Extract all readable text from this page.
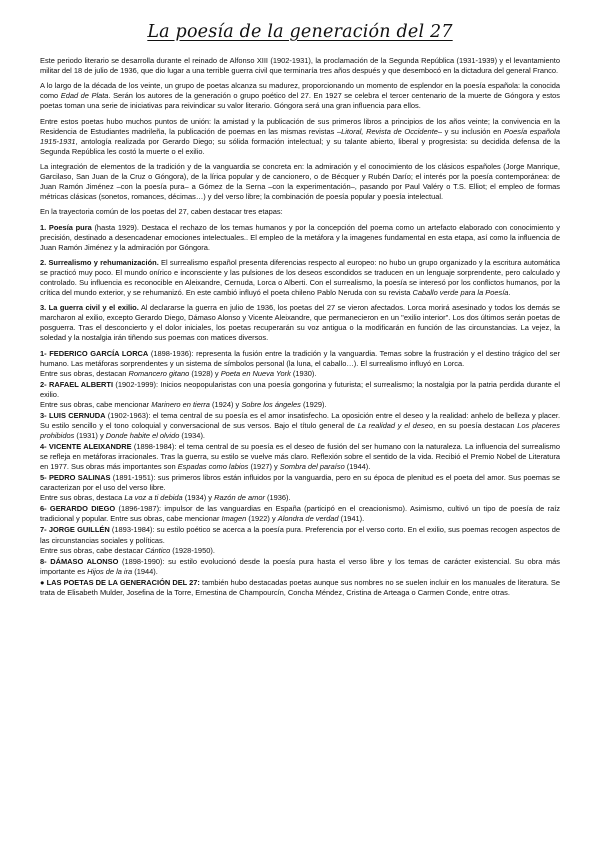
La poesía de la generación del 27

Este periodo literario se desarrolla durante el reinado de Alfonso XIII (1902-1931), la proclamación de la Segunda República (1931-1939) y el levantamiento militar del 18 de julio de 1936, que dio lugar a una terrible guerra civil que terminaría tres años después y que desembocó en la dictadura del general Franco.

A lo largo de la década de los veinte, un grupo de poetas alcanza su madurez, proporcionando un momento de esplendor en la poesía española: la conocida como Edad de Plata. Serán los autores de la generación o grupo poético del 27. En 1927 se celebra el tercer centenario de la muerte de Góngora y estos poetas toman una serie de iniciativas para reivindicar su valor literario. Góngora será una gran influencia para ellos.

Entre estos poetas hubo muchos puntos de unión: la amistad y la publicación de sus primeros libros a principios de los años veinte; la convivencia en la Residencia de Estudiantes madrileña, la publicación de poemas en las mismas revistas –Litoral, Revista de Occidente– y su inclusión en Poesía española 1915-1931, antología realizada por Gerardo Diego; su sólida formación intelectual; y su talante abierto, liberal y progresista: su decidida defensa de la Segunda República les costó la muerte o el exilio.

La integración de elementos de la tradición y de la vanguardia se concreta en: la admiración y el conocimiento de los clásicos españoles (Jorge Manrique, Garcilaso, San Juan de la Cruz o Góngora), de la lírica popular y de cancionero, o de Bécquer y Rubén Darío; el interés por la poesía contemporánea: de Juan Ramón Jiménez –con la poesía pura– a Gómez de la Serna –con la experimentación–, pasando por Paul Valéry o T.S. Elliot; el empleo de formas métricas clásicas (sonetos, romances, décimas…) y del verso libre; la combinación de poesía popular y poesía intelectual.

En la trayectoria común de los poetas del 27, caben destacar tres etapas:

1. Poesía pura (hasta 1929). Destaca el rechazo de los temas humanos y por la concepción del poema como un artefacto elaborado con conocimiento y precisión, destinado a desencadenar emociones intelectuales.. El empleo de la metáfora y la imagenes fundamental en esta etapa, así como la influencia de Juan Ramón Jiménez y la admiración por Góngora.

2. Surrealismo y rehumanización. El surrealismo español presenta diferencias respecto al europeo: no hubo un grupo organizado y la escritura automática se practicó muy poco. El mundo onírico e inconsciente y las pulsiones de los deseos escondidos se traducen en un lenguaje sorprendente, pero calculado y controlado. Su influencia es reconocible en Aleixandre, Cernuda, Lorca o Alberti. Con el surrealismo, la poesía se interesó por los conflictos humanos, por la crítica del mundo exterior, y se rehumanizó. En este cambió influyó el poeta chileno Pablo Neruda con su revista Caballo verde para la Poesía.

3. La guerra civil y el exilio. Al declararse la guerra en julio de 1936, los poetas del 27 se vieron afectados. Lorca morirá asesinado y todos los demás se marcharon al exilio, excepto Gerardo Diego, Dámaso Alonso y Vicente Aleixandre, que permanecieron en un "exilio interior". Los dos últimos serán poetas de posguerra. Tras el desconcierto y el dolor iniciales, los poetas recuperarán su voz antigua o la modificarán en función de las circunstancias. La vejez, la soledad y la nostalgia irán tiñendo sus poemas con matices diversos.

1- FEDERICO GARCÍA LORCA (1898-1936): representa la fusión entre la tradición y la vanguardia. Temas sobre la frustración y el destino trágico del ser humano. Las metáforas sorprendentes y un sistema de símbolos personal (la luna, el caballo…). El surrealismo influyó en Lorca.

Entre sus obras, destacan Romancero gitano (1928) y Poeta en Nueva York (1930).

2- RAFAEL ALBERTI (1902-1999): Inicios neopopularistas con una poesía gongorina y futurista; el surrealismo; la nostalgia por la patria perdida durante el exilio.

Entre sus obras, cabe mencionar Marinero en tierra (1924) y Sobre los ángeles (1929).

3- LUIS CERNUDA (1902-1963): el tema central de su poesía es el amor insatisfecho. La oposición entre el deseo y la realidad: anhelo de belleza y placer. Su estilo sencillo y el tono coloquial y conversacional de sus versos. Bajo el título general de La realidad y el deseo, en su poesía destacan Los placeres prohibidos (1931) y Donde habite el olvido (1934).

4- VICENTE ALEIXANDRE (1898-1984): el tema central de su poesía es el deseo de fusión del ser humano con la naturaleza. La influencia del surrealismo se refleja en metáforas irracionales. Tras la guerra, su estilo se vuelve más claro. Reflexión sobre el sentido de la vida. Recibió el Premio Nobel de Literatura en 1977. Sus obras más importantes son Espadas como labios (1927) y Sombra del paraíso (1944).

5- PEDRO SALINAS (1891-1951): sus primeros libros están influidos por la vanguardia, pero en su época de plenitud es el poeta del amor. Sus poemas se caracterizan por el uso del verso libre.

Entre sus obras, destaca La voz a ti debida (1934) y Razón de amor (1936).

6- GERARDO DIEGO (1896-1987): impulsor de las vanguardias en España (participó en el creacionismo). Asimismo, cultivó un tipo de poesía de raíz tradicional y popular. Entre sus obras, cabe mencionar Imagen (1922) y Alondra de verdad (1941).

7- JORGE GUILLÉN (1893-1984): su estilo poético se acerca a la poesía pura. Preferencia por el verso corto. En el exilio, sus poemas recogen aspectos de las circunstancias sociales y políticas.

Entre sus obras, cabe destacar Cántico (1928-1950).

8- DÁMASO ALONSO (1898-1990): su estilo evolucionó desde la poesía pura hasta el verso libre y los temas de carácter existencial. Su obra más importante es Hijos de la ira (1944).

● LAS POETAS DE LA GENERACIÓN DEL 27: también hubo destacadas poetas aunque sus nombres no se suelen incluir en los manuales de literatura. Se trata de Elisabeth Mulder, Josefina de la Torre, Ernestina de Champourcín, Concha Méndez, Cristina de Arteaga o Carmen Conde, entre otras.
